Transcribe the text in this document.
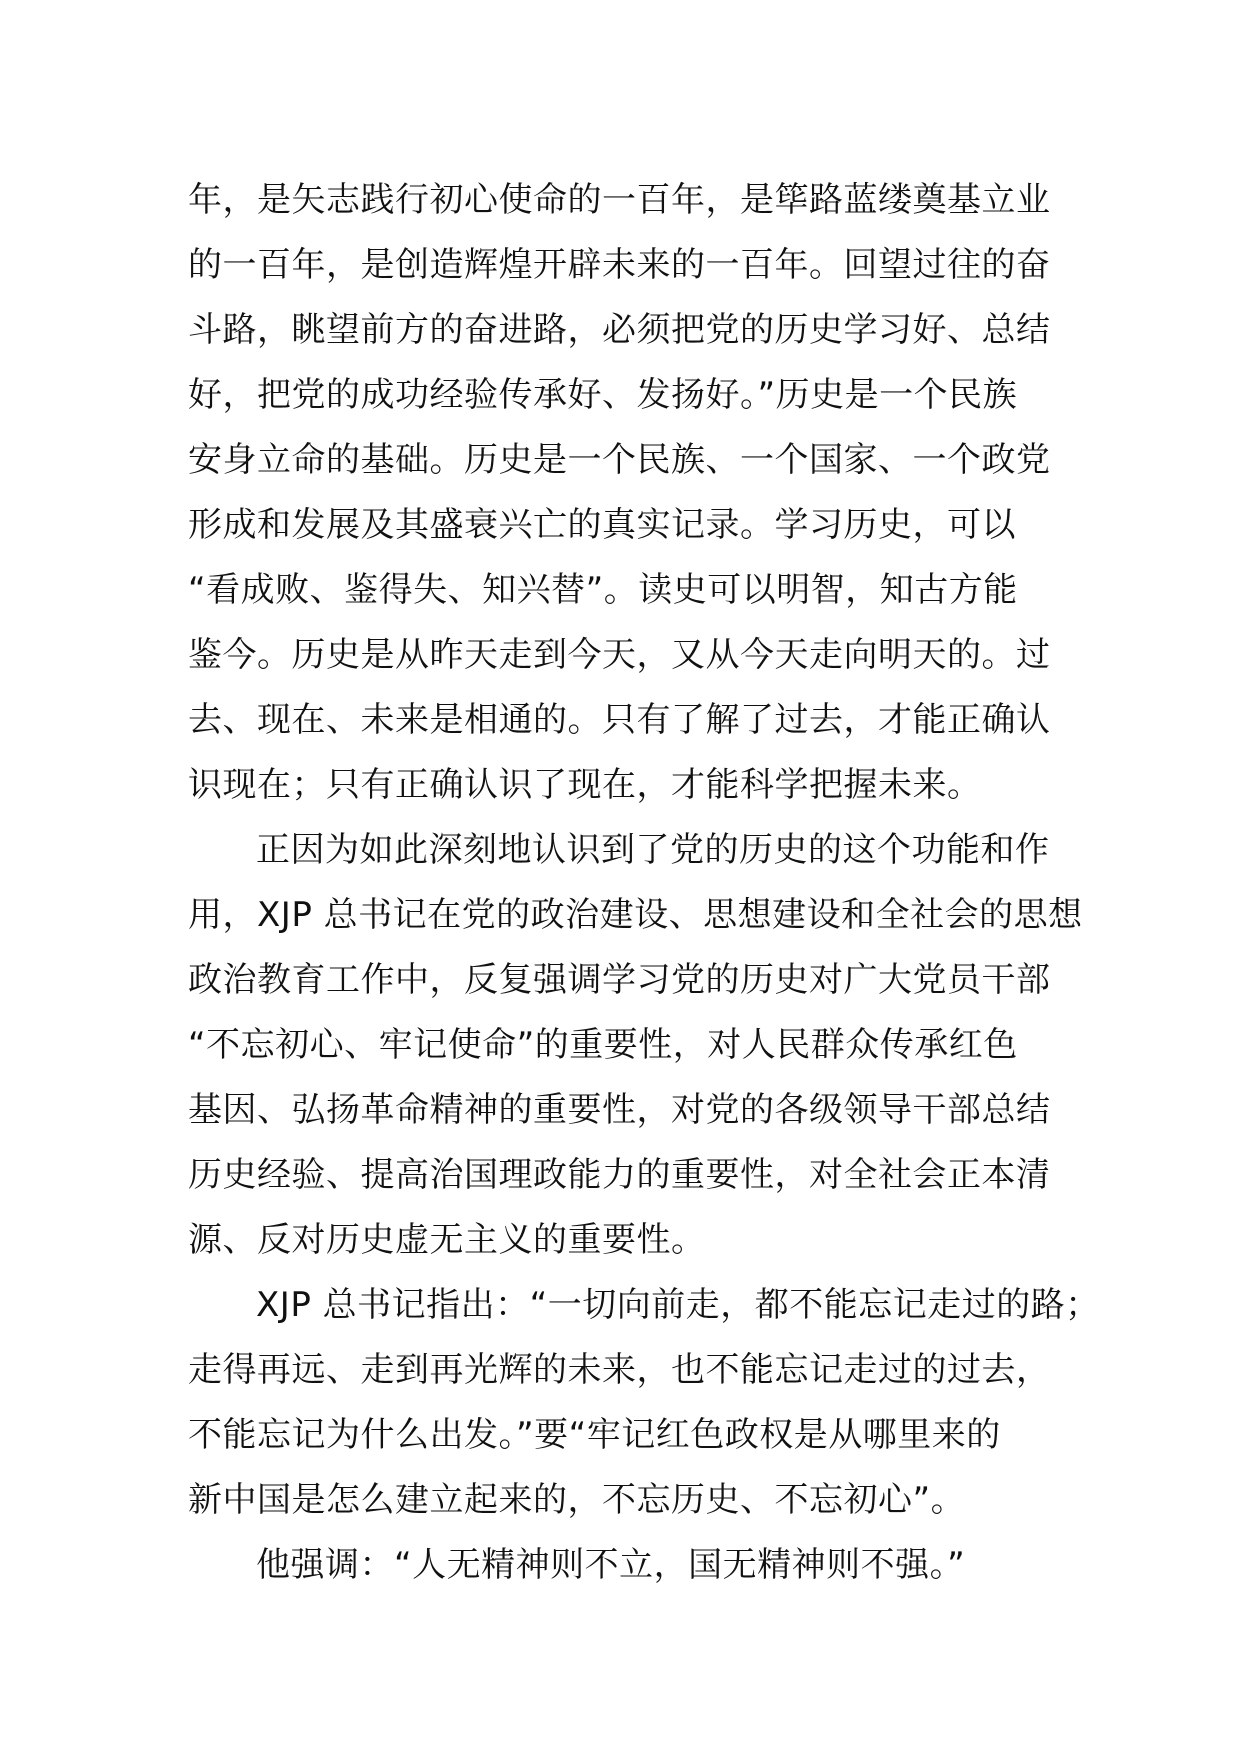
年，是矢志践行初心使命的一百年，是筚路蓝缕奠基立业
的一百年，是创造辉煌开辟未来的一百年。回望过往的奋
斗路，眺望前方的奋进路，必须把党的历史学习好、总结
好，把党的成功经验传承好、发扬好。”历史是一个民族
安身立命的基础。历史是一个民族、一个国家、一个政党
形成和发展及其盛衰兴亡的真实记录。学习历史，可以
“看成败、鉴得失、知兴替”。读史可以明智，知古方能
鉴今。历史是从昨天走到今天，又从今天走向明天的。过
去、现在、未来是相通的。只有了解了过去，才能正确认
识现在；只有正确认识了现在，才能科学把握未来。
正因为如此深刻地认识到了党的历史的这个功能和作
用，XJP 总书记在党的政治建设、思想建设和全社会的思想
政治教育工作中，反复强调学习党的历史对广大党员干部
“不忘初心、牢记使命”的重要性，对人民群众传承红色
基因、弘扬革命精神的重要性，对党的各级领导干部总结
历史经验、提高治国理政能力的重要性，对全社会正本清
源、反对历史虚无主义的重要性。
XJP 总书记指出：“一切向前走，都不能忘记走过的路；
走得再远、走到再光辉的未来，也不能忘记走过的过去，
不能忘记为什么出发。”要“牢记红色政权是从哪里来的
新中国是怎么建立起来的，不忘历史、不忘初心”。
他强调：“人无精神则不立，国无精神则不强。”
